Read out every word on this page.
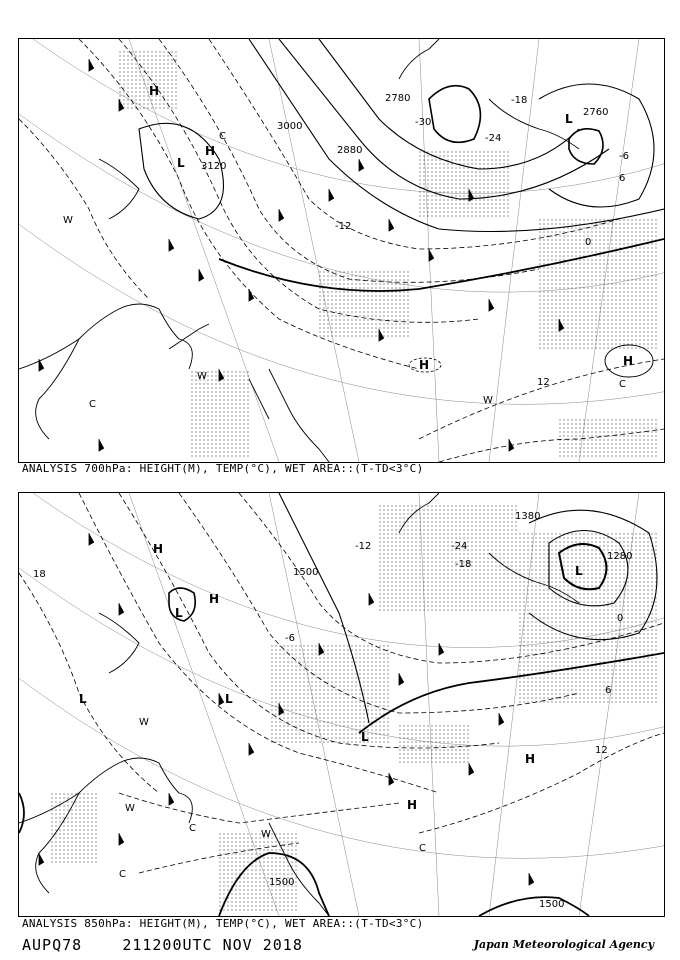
3000
3120
2880
2780
2760
-30
-24
-18
-12
-6
0
6
12
H
H
L
L
H	H
W
W
W
C
C
C
ANALYSIS 700hPa: HEIGHT(M), TEMP(°C), WET AREA::(T-TD<3°C)
1500
1380
1280
1500
1500
-24
-18
-12
-6
0
6
12
18
H
H
L
L
L
H
H
L
L
W
W
C
C
W
C
ANALYSIS 850hPa: HEIGHT(M), TEMP(°C), WET AREA::(T-TD<3°C)
AUPQ78	211200UTC NOV 2018	Japan Meteorological Agency
